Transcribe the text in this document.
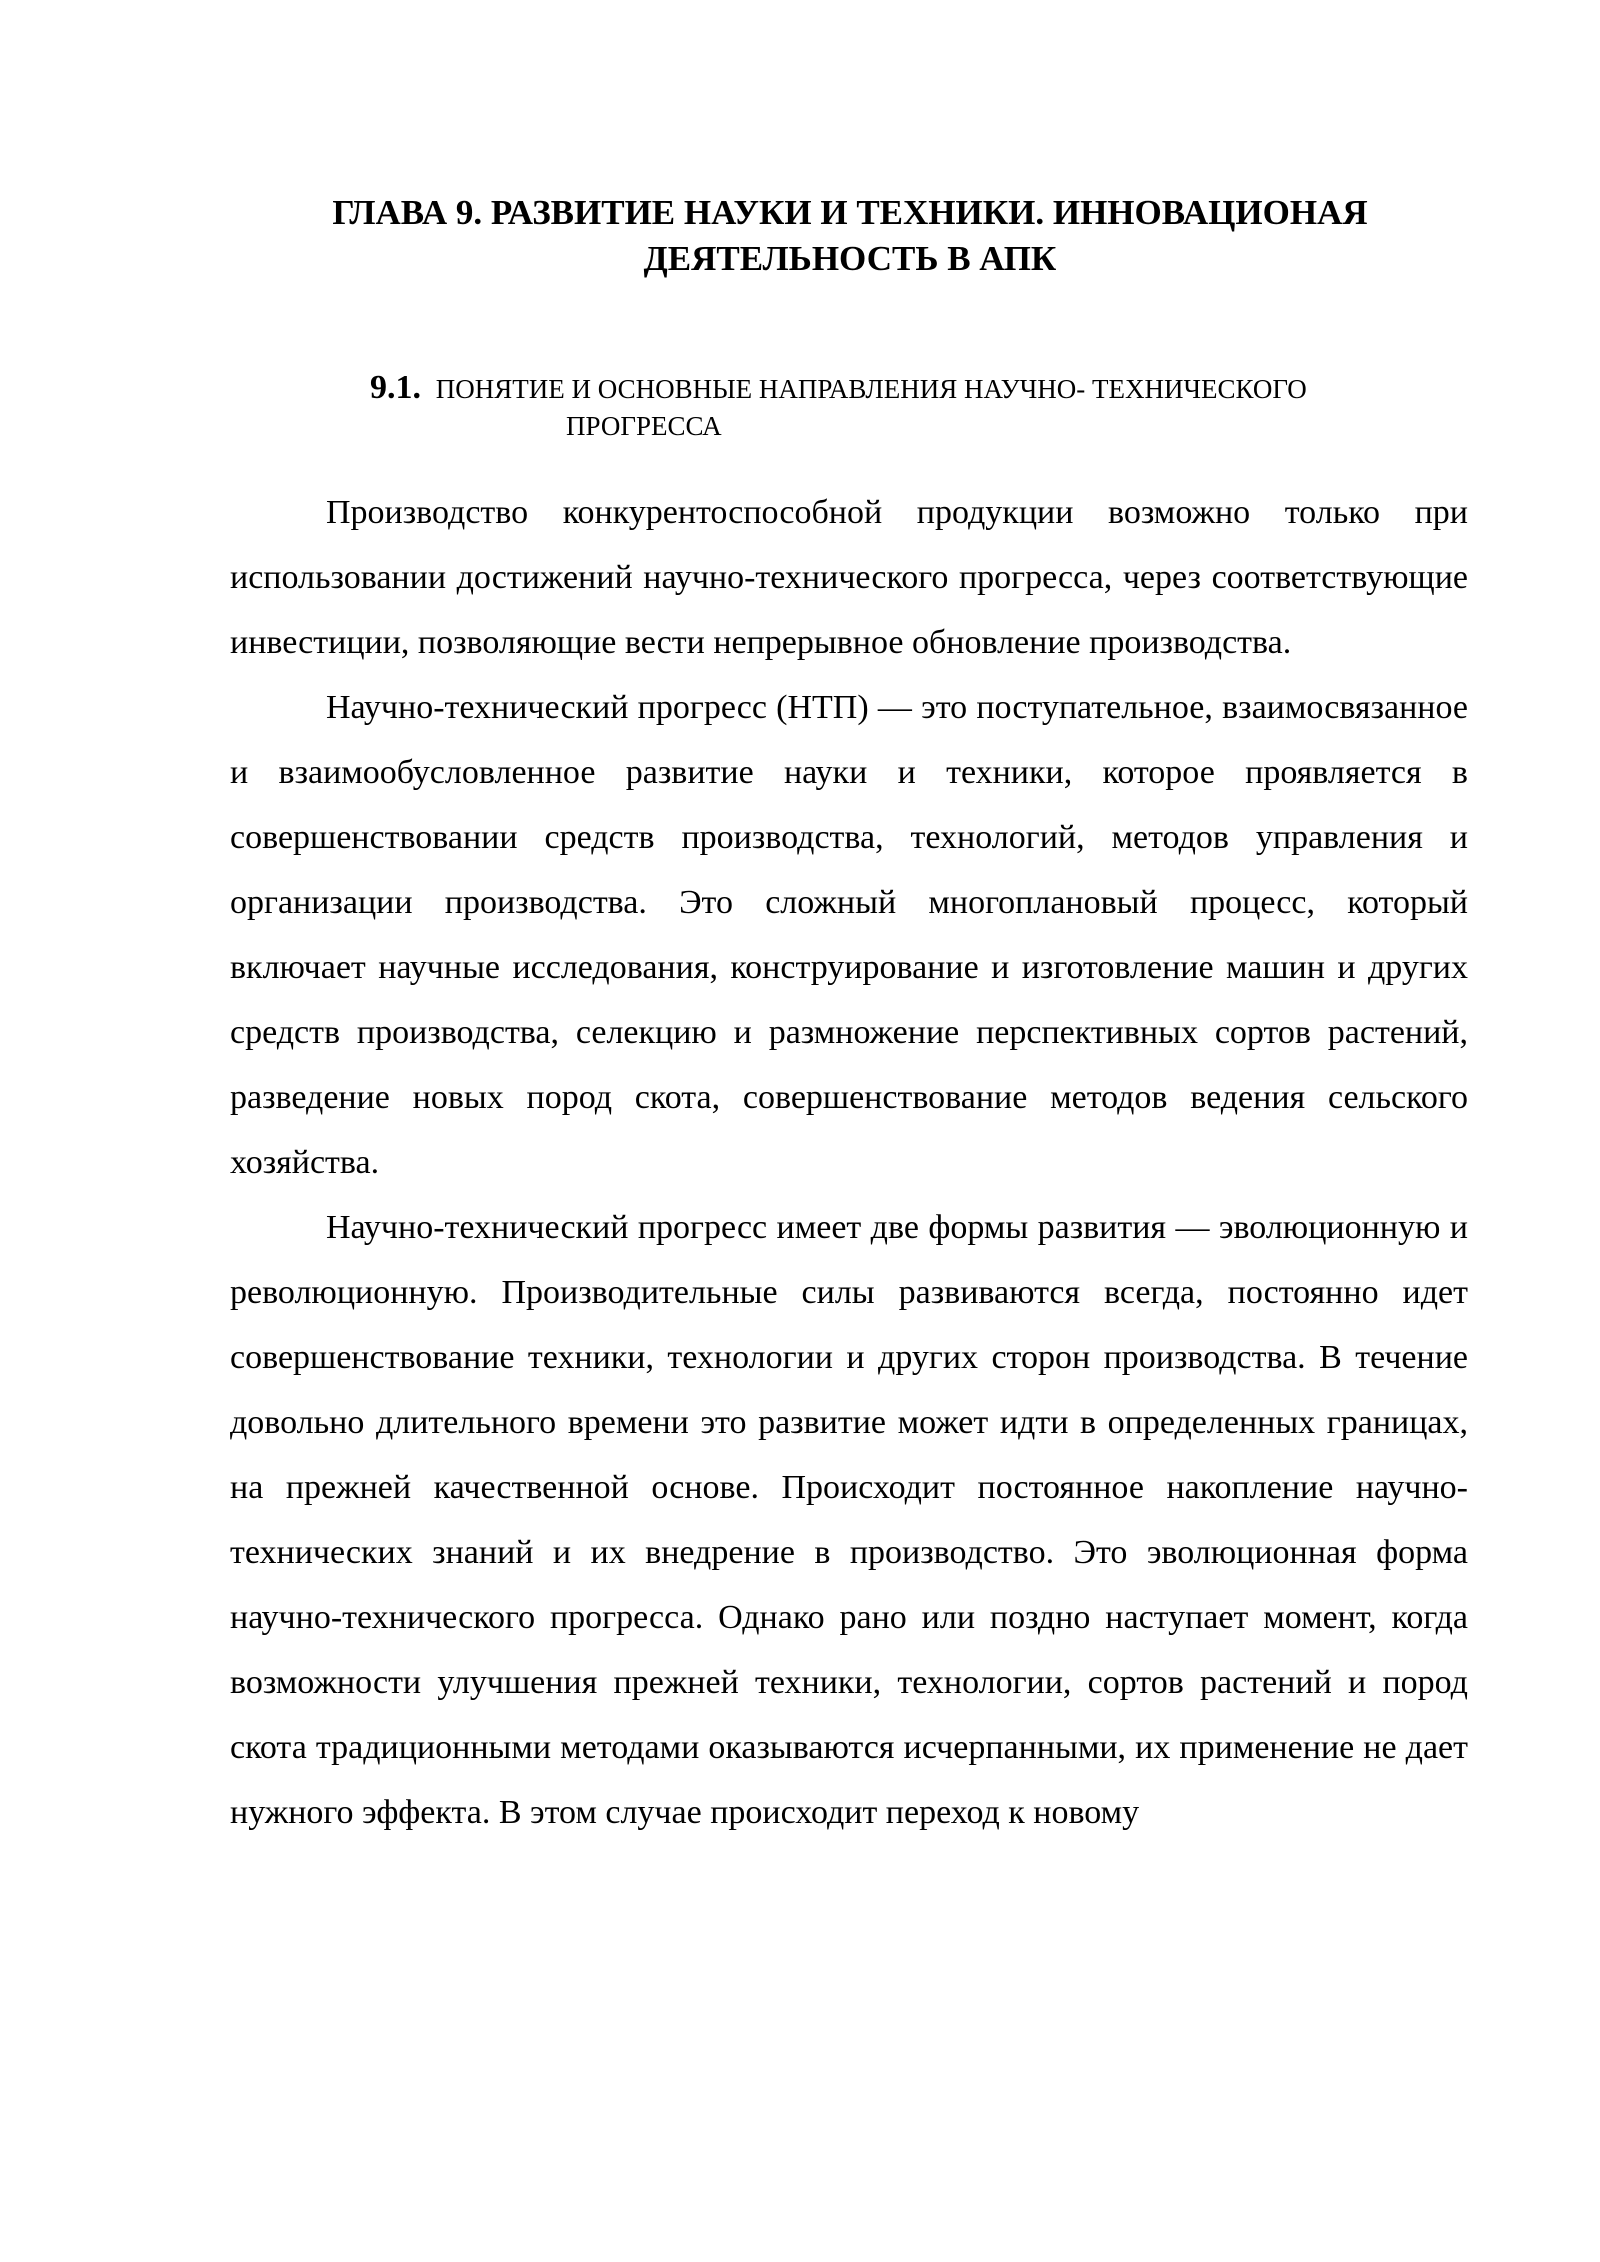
ГЛАВА 9. РАЗВИТИЕ НАУКИ И ТЕХНИКИ. ИННОВАЦИОНАЯ
ДЕЯТЕЛЬНОСТЬ В АПК
9.1. ПОНЯТИЕ И ОСНОВНЫЕ НАПРАВЛЕНИЯ НАУЧНО- ТЕХНИЧЕСКОГО
ПРОГРЕССА

Производство конкурентоспособной продукции возможно только при использовании достижений научно-технического прогресса, через соответствующие инвестиции, позволяющие вести непрерывное обновление производства.

Научно-технический прогресс (НТП) — это поступательное, взаимосвязанное и взаимообусловленное развитие науки и техники, которое проявляется в совершенствовании средств производства, технологий, методов управления и организации производства. Это сложный многоплановый процесс, который включает научные исследования, конструирование и изготовление машин и других средств производства, селекцию и размножение перспективных сортов растений, разведение новых пород скота, совершенствование методов ведения сельского хозяйства.

Научно-технический прогресс имеет две формы развития — эволюционную и революционную. Производительные силы развиваются всегда, постоянно идет совершенствование техники, технологии и других сторон производства. В течение довольно длительного времени это развитие может идти в определенных границах, на прежней качественной основе. Происходит постоянное накопление научно-технических знаний и их внедрение в производство. Это эволюционная форма научно-технического прогресса. Однако рано или поздно наступает момент, когда возможности улучшения прежней техники, технологии, сортов растений и пород скота традиционными методами оказываются исчерпанными, их применение не дает нужного эффекта. В этом случае происходит переход к новому
